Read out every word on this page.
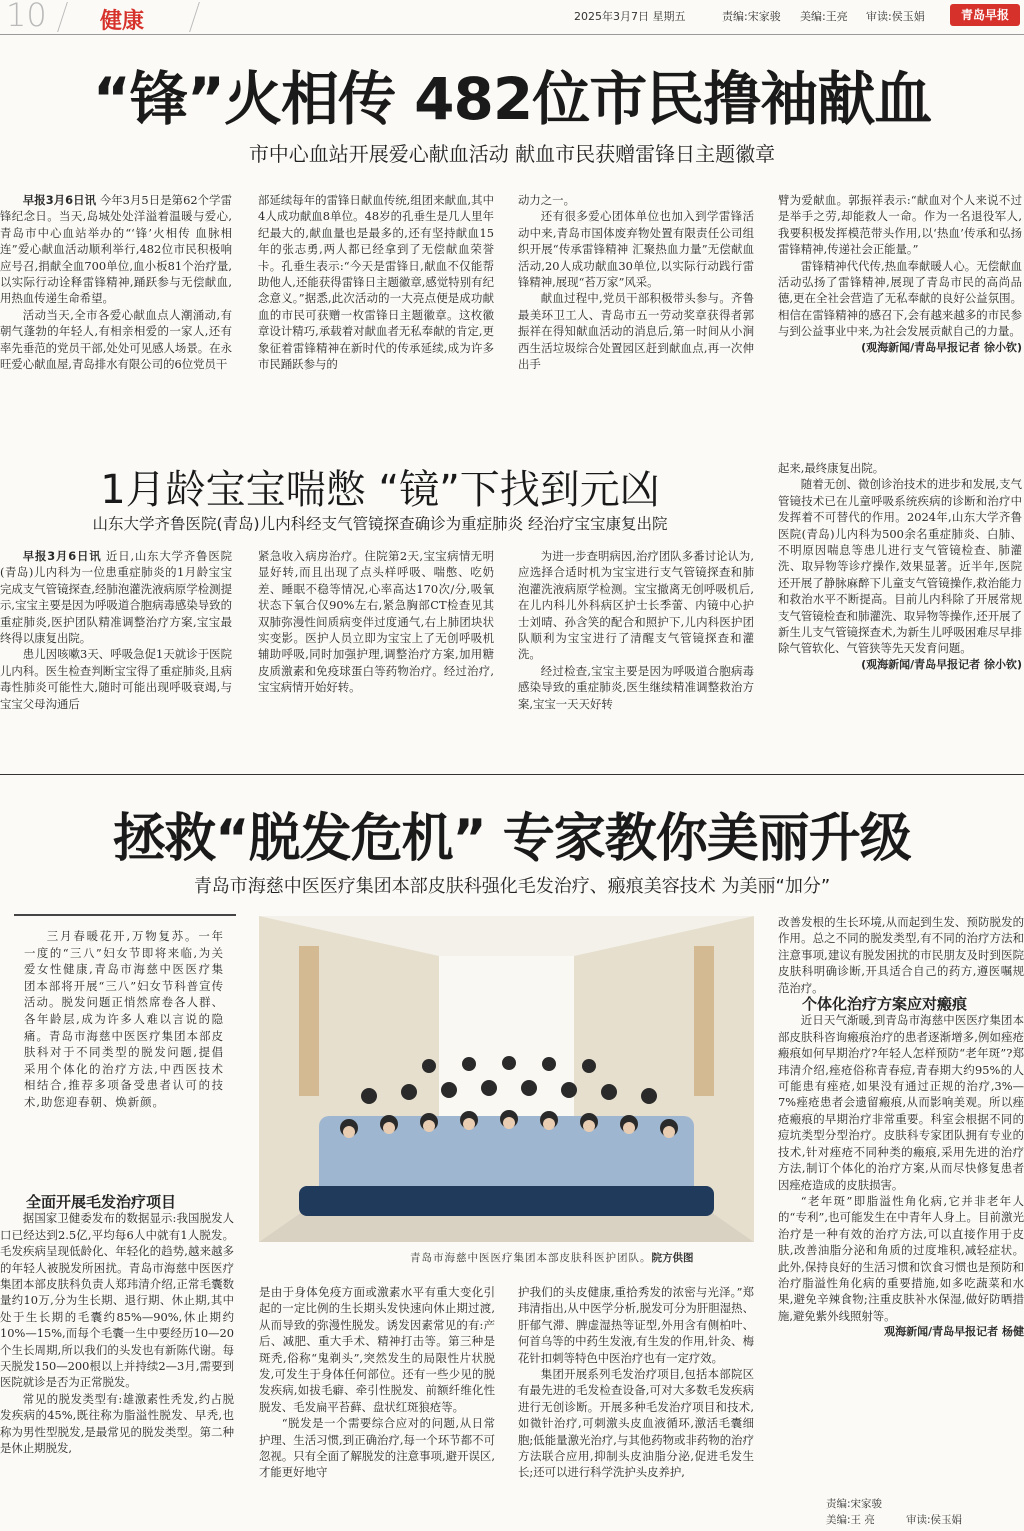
10 健康	2025年3月7日 星期五	责编:宋家骏 美编:王亮 审读:侯玉娟	青岛早报
“锋”火相传 482位市民撸袖献血
市中心血站开展爱心献血活动 献血市民获赠雷锋日主题徽章

早报3月6日讯 今年3月5日是第62个学雷锋纪念日。当天,岛城处处洋溢着温暖与爱心,青岛市中心血站举办的“‘锋’火相传 血脉相连”爱心献血活动顺利举行,482位市民积极响应号召,捐献全血700单位,血小板81个治疗量,以实际行动诠释雷锋精神,踊跃参与无偿献血,用热血传递生命希望。

活动当天,全市各爱心献血点人潮涌动,有朝气蓬勃的年轻人,有相亲相爱的一家人,还有率先垂范的党员干部,处处可见感人场景。在永旺爱心献血屋,青岛排水有限公司的6位党员干

部延续每年的雷锋日献血传统,组团来献血,其中4人成功献血8单位。48岁的孔垂生是几人里年纪最大的,献血量也是最多的,还有坚持献血15年的张志勇,两人都已经拿到了无偿献血荣誉卡。孔垂生表示:“今天是雷锋日,献血不仅能帮助他人,还能获得雷锋日主题徽章,感觉特别有纪念意义。”据悉,此次活动的一大亮点便是成功献血的市民可获赠一枚雷锋日主题徽章。这枚徽章设计精巧,承载着对献血者无私奉献的肯定,更象征着雷锋精神在新时代的传承延续,成为许多市民踊跃参与的

动力之一。

还有很多爱心团体单位也加入到学雷锋活动中来,青岛市国体废弃物处置有限责任公司组织开展“传承雷锋精神 汇聚热血力量”无偿献血活动,20人成功献血30单位,以实际行动践行雷锋精神,展现“苔万家”风采。

献血过程中,党员干部积极带头参与。齐鲁最美环卫工人、青岛市五一劳动奖章获得者郭振祥在得知献血活动的消息后,第一时间从小涧西生活垃圾综合处置园区赶到献血点,再一次伸出手

臂为爱献血。郭振祥表示:“献血对个人来说不过是举手之劳,却能救人一命。作为一名退役军人,我要积极发挥模范带头作用,以‘热血’传承和弘扬雷锋精神,传递社会正能量。”

雷锋精神代代传,热血奉献暖人心。无偿献血活动弘扬了雷锋精神,展现了青岛市民的高尚品德,更在全社会营造了无私奉献的良好公益氛围。相信在雷锋精神的感召下,会有越来越多的市民参与到公益事业中来,为社会发展贡献自己的力量。

(观海新闻/青岛早报记者 徐小钦)

1月龄宝宝喘憋 “镜”下找到元凶
山东大学齐鲁医院(青岛)儿内科经支气管镜探查确诊为重症肺炎 经治疗宝宝康复出院

早报3月6日讯 近日,山东大学齐鲁医院(青岛)儿内科为一位患重症肺炎的1月龄宝宝完成支气管镜探查,经肺泡灌洗液病原学检测提示,宝宝主要是因为呼吸道合胞病毒感染导致的重症肺炎,医护团队精准调整治疗方案,宝宝最终得以康复出院。

患儿因咳嗽3天、呼吸急促1天就诊于医院儿内科。医生检查判断宝宝得了重症肺炎,且病毒性肺炎可能性大,随时可能出现呼吸衰竭,与宝宝父母沟通后

紧急收入病房治疗。住院第2天,宝宝病情无明显好转,而且出现了点头样呼吸、喘憋、吃奶差、睡眠不稳等情况,心率高达170次/分,吸氧状态下氧合仅90%左右,紧急胸部CT检查见其双肺弥漫性间质病变伴过度通气,右上肺团块状实变影。医护人员立即为宝宝上了无创呼吸机辅助呼吸,同时加强护理,调整治疗方案,加用糖皮质激素和免疫球蛋白等药物治疗。经过治疗,宝宝病情开始好转。

为进一步查明病因,治疗团队多番讨论认为,应选择合适时机为宝宝进行支气管镜探查和肺泡灌洗液病原学检测。宝宝撤离无创呼吸机后,在儿内科儿外科病区护士长季蕾、内镜中心护士刘晴、孙含笑的配合和照护下,儿内科医护团队顺利为宝宝进行了清醒支气管镜探查和灌洗。

经过检查,宝宝主要是因为呼吸道合胞病毒感染导致的重症肺炎,医生继续精准调整救治方案,宝宝一天天好转

起来,最终康复出院。

随着无创、微创诊治技术的进步和发展,支气管镜技术已在儿童呼吸系统疾病的诊断和治疗中发挥着不可替代的作用。2024年,山东大学齐鲁医院(青岛)儿内科为500余名重症肺炎、白肺、不明原因喘息等患儿进行支气管镜检查、肺灌洗、取异物等诊疗操作,效果显著。近半年,医院还开展了静脉麻醉下儿童支气管镜操作,救治能力和救治水平不断提高。目前儿内科除了开展常规支气管镜检查和肺灌洗、取异物等操作,还开展了新生儿支气管镜探查术,为新生儿呼吸困难尽早排除气管软化、气管狭等先天发育问题。

(观海新闻/青岛早报记者 徐小钦)

拯救“脱发危机” 专家教你美丽升级
青岛市海慈中医医疗集团本部皮肤科强化毛发治疗、瘢痕美容技术 为美丽“加分”

三月春暖花开,万物复苏。一年一度的“三八”妇女节即将来临,为关爱女性健康,青岛市海慈中医医疗集团本部将开展“三八”妇女节科普宣传活动。脱发问题正悄然席卷各人群、各年龄层,成为许多人难以言说的隐痛。青岛市海慈中医医疗集团本部皮肤科对于不同类型的脱发问题,提倡采用个体化的治疗方法,中西医技术相结合,推荐多项备受患者认可的技术,助您迎春朝、焕新颜。

全面开展毛发治疗项目

据国家卫健委发布的数据显示:我国脱发人口已经达到2.5亿,平均每6人中就有1人脱发。毛发疾病呈现低龄化、年轻化的趋势,越来越多的年轻人被脱发所困扰。青岛市海慈中医医疗集团本部皮肤科负责人郑玮清介绍,正常毛囊数量约10万,分为生长期、退行期、休止期,其中处于生长期的毛囊约85%—90%,休止期约10%—15%,而每个毛囊一生中要经历10—20个生长周期,所以我们的头发也有新陈代谢。每天脱发150—200根以上并持续2—3月,需要到医院就诊是否为正常脱发。

常见的脱发类型有:雄激素性秃发,约占脱发疾病的45%,既往称为脂溢性脱发、早秃,也称为男性型脱发,是最常见的脱发类型。第二种是休止期脱发,

青岛市海慈中医医疗集团本部皮肤科医护团队。院方供图

是由于身体免疫方面或激素水平有重大变化引起的一定比例的生长期头发快速向休止期过渡,从而导致的弥漫性脱发。诱发因素常见的有:产后、减肥、重大手术、精神打击等。第三种是斑秃,俗称“鬼剃头”,突然发生的局限性片状脱发,可发生于身体任何部位。还有一些少见的脱发疾病,如拔毛癖、牵引性脱发、前额纤维化性脱发、毛发扁平苔藓、盘状红斑狼疮等。

“脱发是一个需要综合应对的问题,从日常护理、生活习惯,到正确治疗,每一个环节都不可忽视。只有全面了解脱发的注意事项,避开误区,才能更好地守

护我们的头皮健康,重拾秀发的浓密与光泽。”郑玮清指出,从中医学分析,脱发可分为肝胆湿热、肝郁气滞、脾虚湿热等证型,外用含有侧柏叶、何首乌等的中药生发液,有生发的作用,针灸、梅花针扣刺等特色中医治疗也有一定疗效。

集团开展系列毛发治疗项目,包括本部院区有最先进的毛发检查设备,可对大多数毛发疾病进行无创诊断。开展多种毛发治疗项目和技术,如微针治疗,可刺激头皮血液循环,激活毛囊细胞;低能量激光治疗,与其他药物或非药物的治疗方法联合应用,抑制头皮油脂分泌,促进毛发生长;还可以进行科学洗护头皮养护,

改善发根的生长环境,从而起到生发、预防脱发的作用。总之不同的脱发类型,有不同的治疗方法和注意事项,建议有脱发困扰的市民朋友及时到医院皮肤科明确诊断,开具适合自己的药方,遵医嘱规范治疗。

个体化治疗方案应对瘢痕

近日天气渐暖,到青岛市海慈中医医疗集团本部皮肤科咨询瘢痕治疗的患者逐渐增多,例如痤疮瘢痕如何早期治疗?年轻人怎样预防“老年斑”?郑玮清介绍,痤疮俗称青春痘,青春期大约95%的人可能患有痤疮,如果没有通过正规的治疗,3%—7%痤疮患者会遗留瘢痕,从而影响美观。所以痤疮瘢痕的早期治疗非常重要。科室会根据不同的痘坑类型分型治疗。皮肤科专家团队拥有专业的技术,针对痤疮不同种类的瘢痕,采用先进的治疗方法,制订个体化的治疗方案,从而尽快修复患者因痤疮造成的皮肤损害。

“老年斑”即脂溢性角化病,它并非老年人的“专利”,也可能发生在中青年人身上。目前激光治疗是一种有效的治疗方法,可以直接作用于皮肤,改善油脂分泌和角质的过度堆积,减轻症状。此外,保持良好的生活习惯和饮食习惯也是预防和治疗脂溢性角化病的重要措施,如多吃蔬菜和水果,避免辛辣食物;注重皮肤补水保湿,做好防晒措施,避免紫外线照射等。

观海新闻/青岛早报记者 杨健

责编:宋家骏
美编:王 亮	审读:侯玉娟
